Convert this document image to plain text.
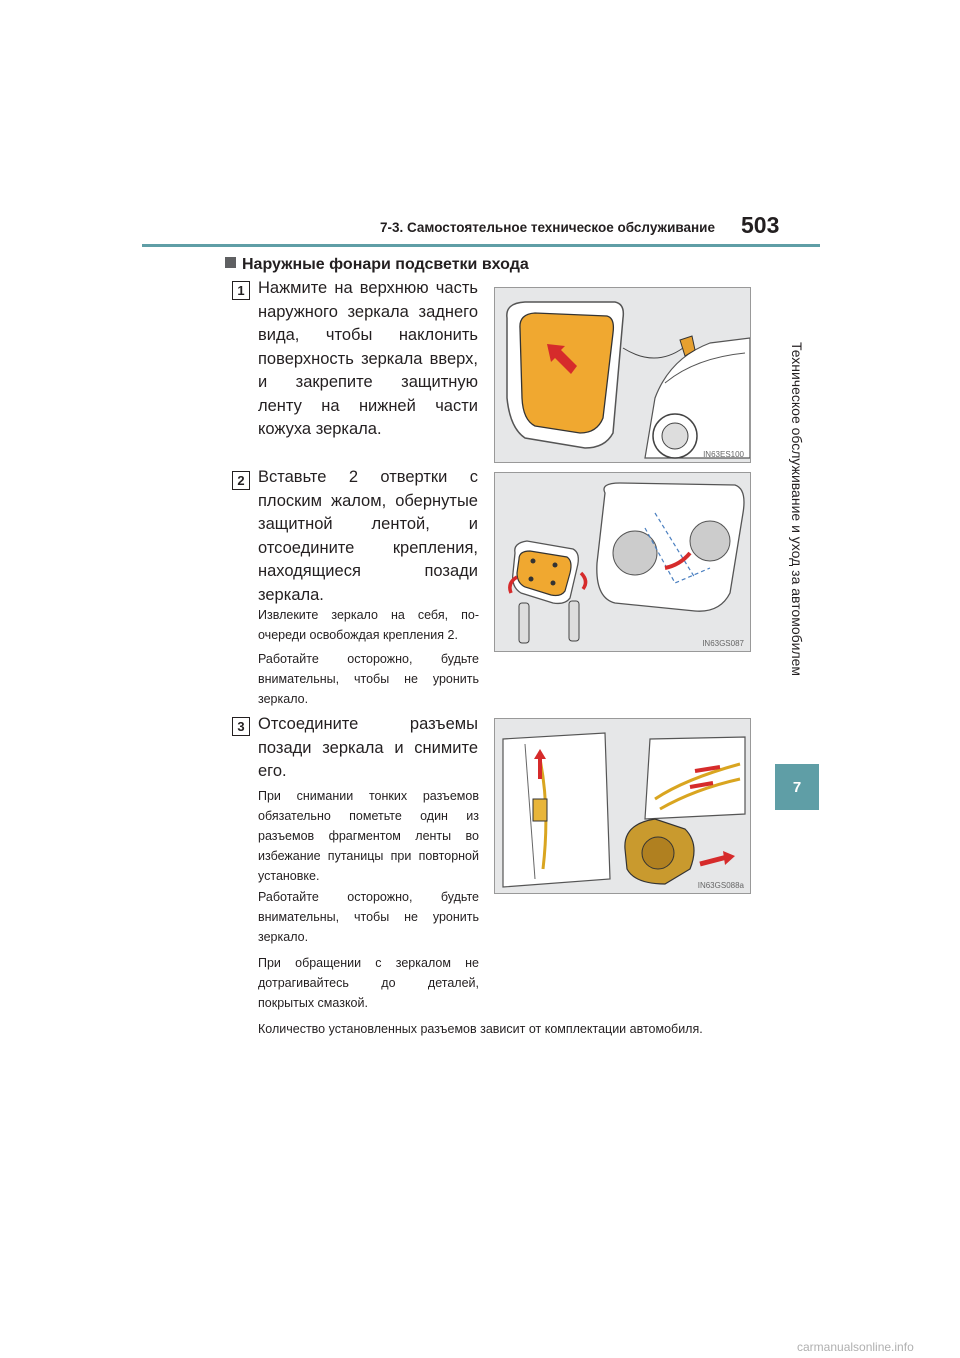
7-3. Самостоятельное техническое обслуживание 503
Техническое обслуживание и уход за автомобилем
7
Наружные фонари подсветки входа
1 Нажмите на верхнюю часть наружного зеркала заднего вида, чтобы наклонить поверхность зеркала вверх, и закрепите защитную ленту на нижней части кожуха зеркала.
IN63ES100
2 Вставьте 2 отвертки с плоским жалом, обернутые защитной лентой, и отсоедините крепления, находящиеся позади зеркала.
Извлеките зеркало на себя, по-очереди освобождая крепления 2.
Работайте осторожно, будьте внимательны, чтобы не уронить зеркало.
IN63GS087
3 Отсоедините разъемы позади зеркала и снимите его.
При снимании тонких разъемов обязательно пометьте один из разъемов фрагментом ленты во избежание путаницы при повторной установке.
Работайте осторожно, будьте внимательны, чтобы не уронить зеркало.
При обращении с зеркалом не дотрагивайтесь до деталей, покрытых смазкой.
IN63GS088a
Количество установленных разъемов зависит от комплектации автомобиля.
carmanualsonline.info
